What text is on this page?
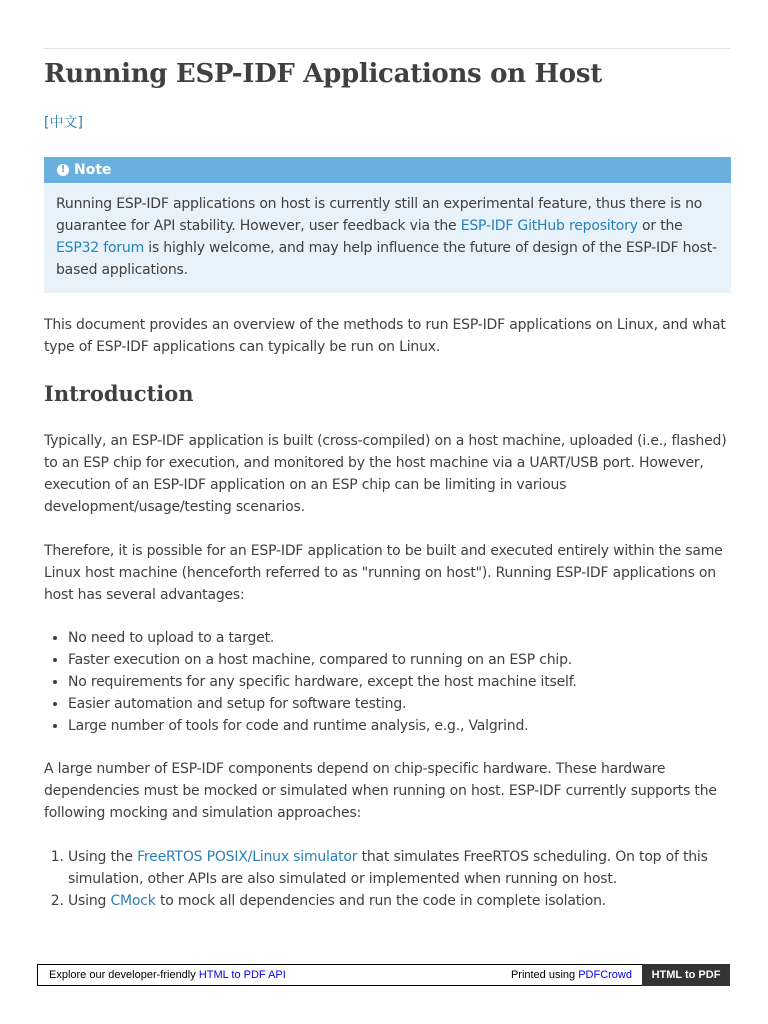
Running ESP-IDF Applications on Host
[中文]
! Note
Running ESP-IDF applications on host is currently still an experimental feature, thus there is no guarantee for API stability. However, user feedback via the ESP-IDF GitHub repository or the ESP32 forum is highly welcome, and may help influence the future of design of the ESP-IDF host-based applications.

This document provides an overview of the methods to run ESP-IDF applications on Linux, and what type of ESP-IDF applications can typically be run on Linux.

Introduction

Typically, an ESP-IDF application is built (cross-compiled) on a host machine, uploaded (i.e., flashed) to an ESP chip for execution, and monitored by the host machine via a UART/USB port. However, execution of an ESP-IDF application on an ESP chip can be limiting in various development/usage/testing scenarios.

Therefore, it is possible for an ESP-IDF application to be built and executed entirely within the same Linux host machine (henceforth referred to as "running on host"). Running ESP-IDF applications on host has several advantages:

• No need to upload to a target.
• Faster execution on a host machine, compared to running on an ESP chip.
• No requirements for any specific hardware, except the host machine itself.
• Easier automation and setup for software testing.
• Large number of tools for code and runtime analysis, e.g., Valgrind.

A large number of ESP-IDF components depend on chip-specific hardware. These hardware dependencies must be mocked or simulated when running on host. ESP-IDF currently supports the following mocking and simulation approaches:

1. Using the FreeRTOS POSIX/Linux simulator that simulates FreeRTOS scheduling. On top of this simulation, other APIs are also simulated or implemented when running on host.
2. Using CMock to mock all dependencies and run the code in complete isolation.
Explore our developer-friendly HTML to PDF API	Printed using PDFCrowd	HTML to PDF
